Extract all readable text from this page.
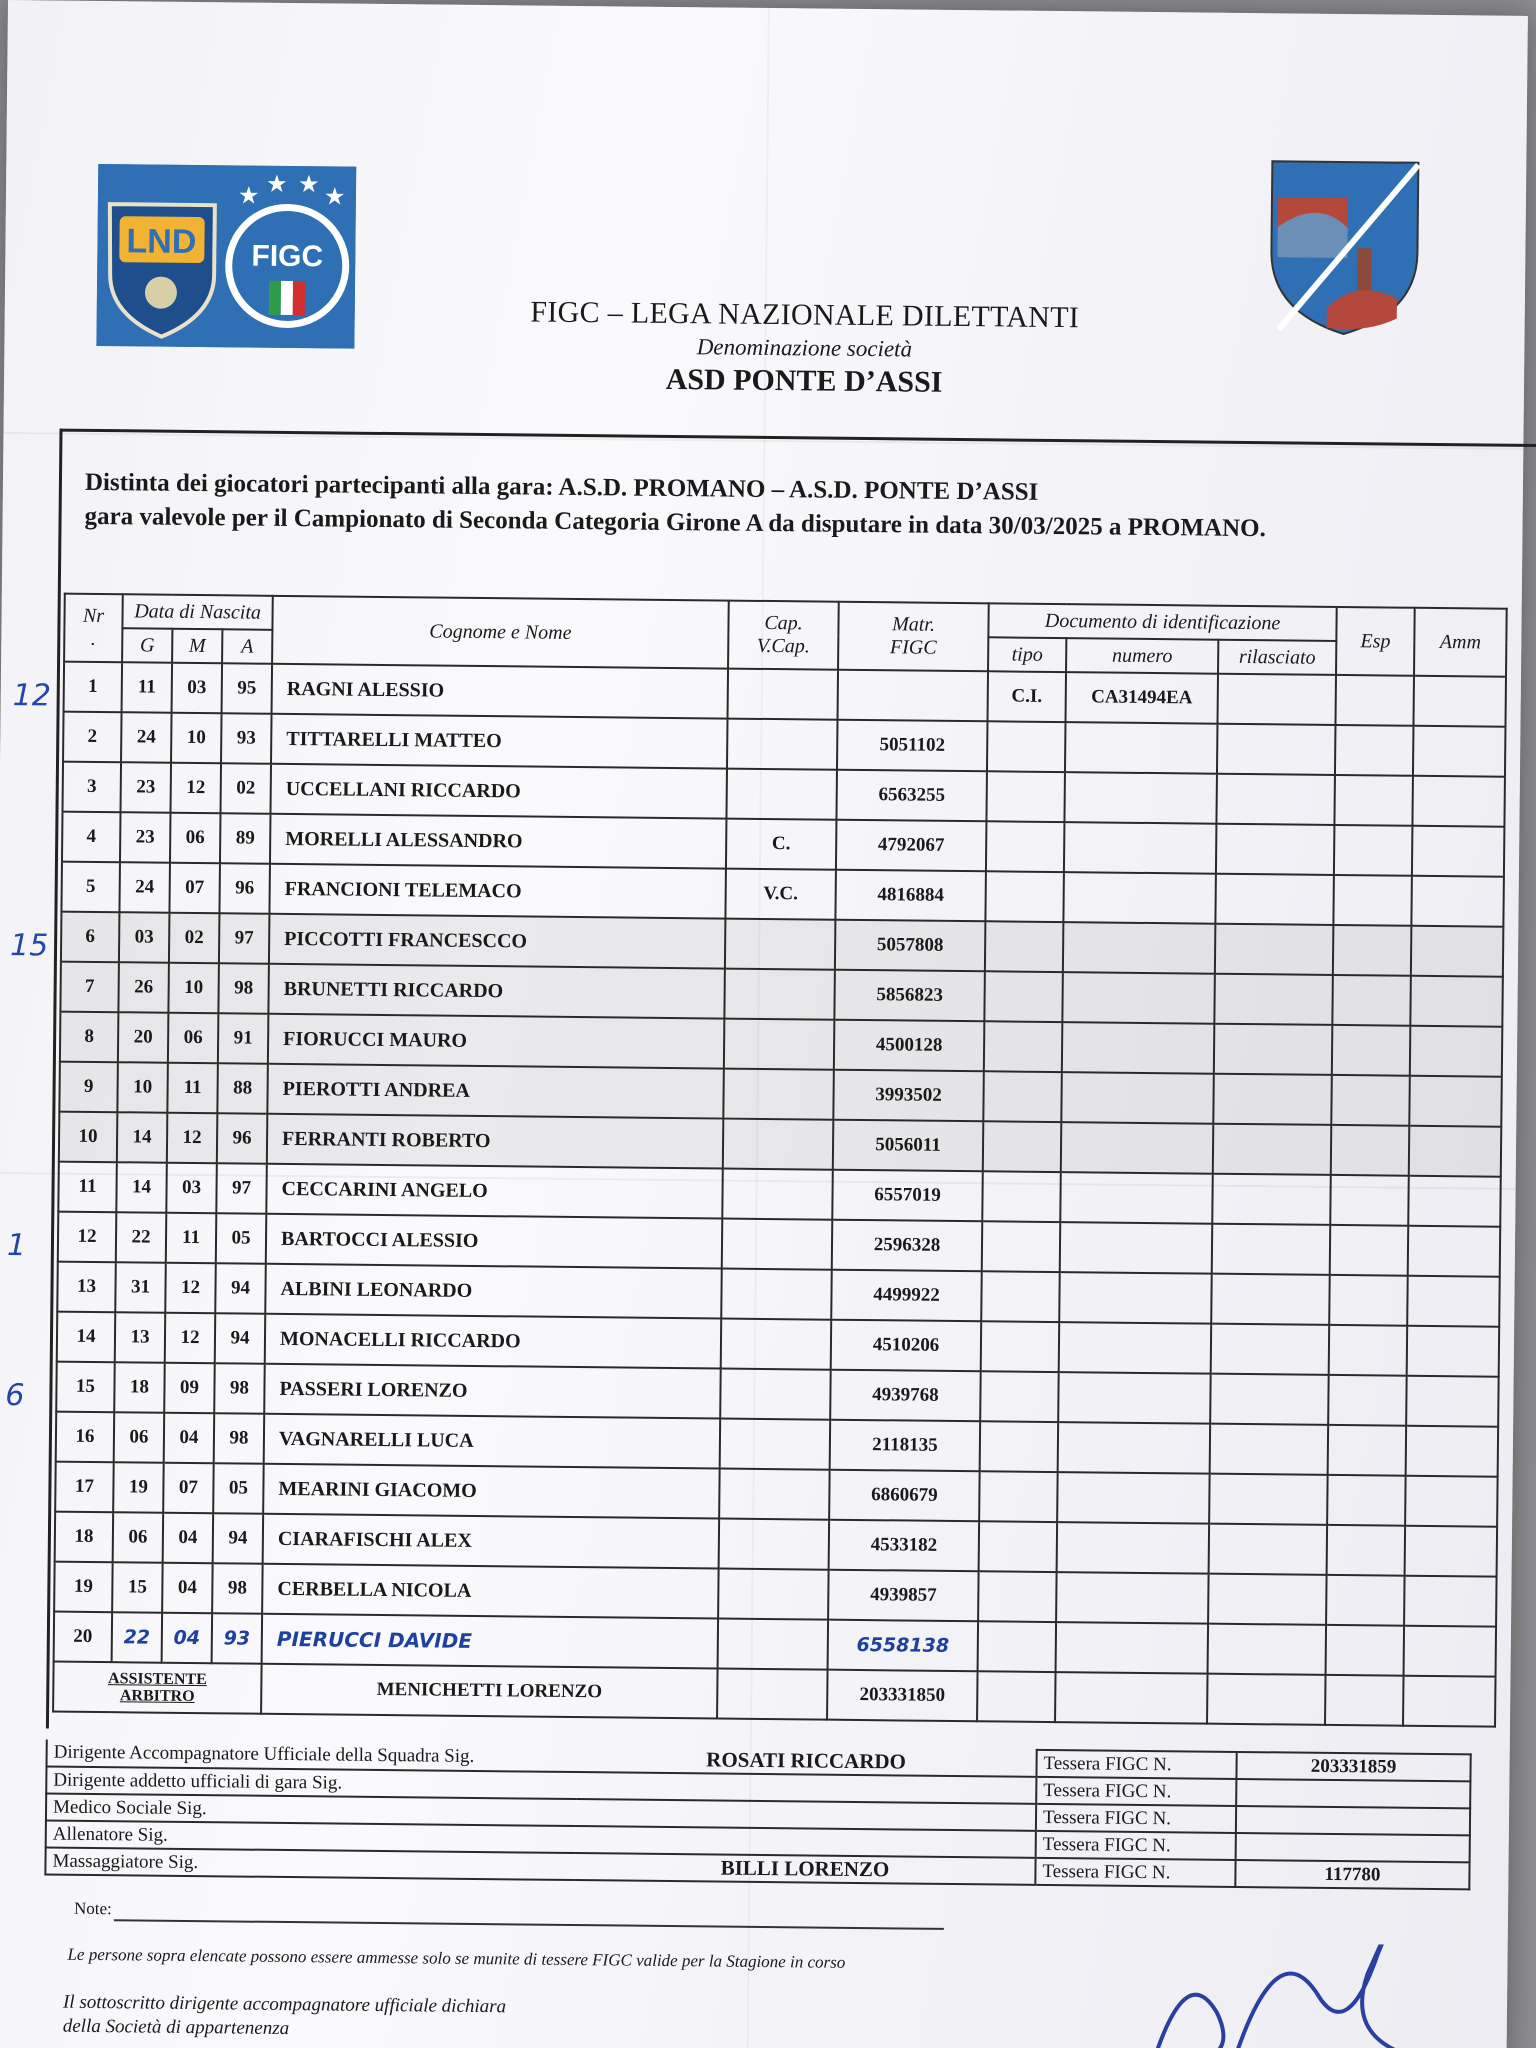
LND FIGC
★ ★ ★ ★
FIGC – LEGA NAZIONALE DILETTANTI
Denominazione società
ASD PONTE D’ASSI
Distinta dei giocatori partecipanti alla gara: A.S.D. PROMANO – A.S.D. PONTE D’ASSI
gara valevole per il Campionato di Seconda Categoria Girone A da disputare in data 30/03/2025 a PROMANO.
Nr
.	Data di Nascita			Cognome e Nome	Cap.
V.Cap.	Matr.
FIGC	Documento di identificazione			Esp	Amm
	G	M	A				tipo	numero	rilasciato		
1	11	03	95	RAGNI ALESSIO			C.I.	CA31494EA			
2	24	10	93	TITTARELLI MATTEO		5051102					
3	23	12	02	UCCELLANI RICCARDO		6563255					
4	23	06	89	MORELLI ALESSANDRO	C.	4792067					
5	24	07	96	FRANCIONI TELEMACO	V.C.	4816884					
6	03	02	97	PICCOTTI FRANCESCCO		5057808					
7	26	10	98	BRUNETTI RICCARDO		5856823					
8	20	06	91	FIORUCCI MAURO		4500128					
9	10	11	88	PIEROTTI ANDREA		3993502					
10	14	12	96	FERRANTI ROBERTO		5056011					
11	14	03	97	CECCARINI ANGELO		6557019					
12	22	11	05	BARTOCCI ALESSIO		2596328					
13	31	12	94	ALBINI LEONARDO		4499922					
14	13	12	94	MONACELLI RICCARDO		4510206					
15	18	09	98	PASSERI LORENZO		4939768					
16	06	04	98	VAGNARELLI LUCA		2118135					
17	19	07	05	MEARINI GIACOMO		6860679					
18	06	04	94	CIARAFISCHI ALEX		4533182					
19	15	04	98	CERBELLA NICOLA		4939857					
20	22	04	93	PIERUCCI DAVIDE		6558138					
ASSISTENTE
ARBITRO				MENICHETTI LORENZO		203331850					
12
15
1
6
Dirigente Accompagnatore Ufficiale della Squadra Sig.	ROSATI RICCARDO	Tessera FIGC N.	203331859
Dirigente addetto ufficiali di gara Sig.		Tessera FIGC N.	
Medico Sociale Sig.		Tessera FIGC N.	
Allenatore Sig.		Tessera FIGC N.	
Massaggiatore Sig.	BILLI LORENZO	Tessera FIGC N.	117780
Note:
Le persone sopra elencate possono essere ammesse solo se munite di tessere FIGC valide per la Stagione in corso
Il sottoscritto dirigente accompagnatore ufficiale dichiara
della Società di appartenenza
